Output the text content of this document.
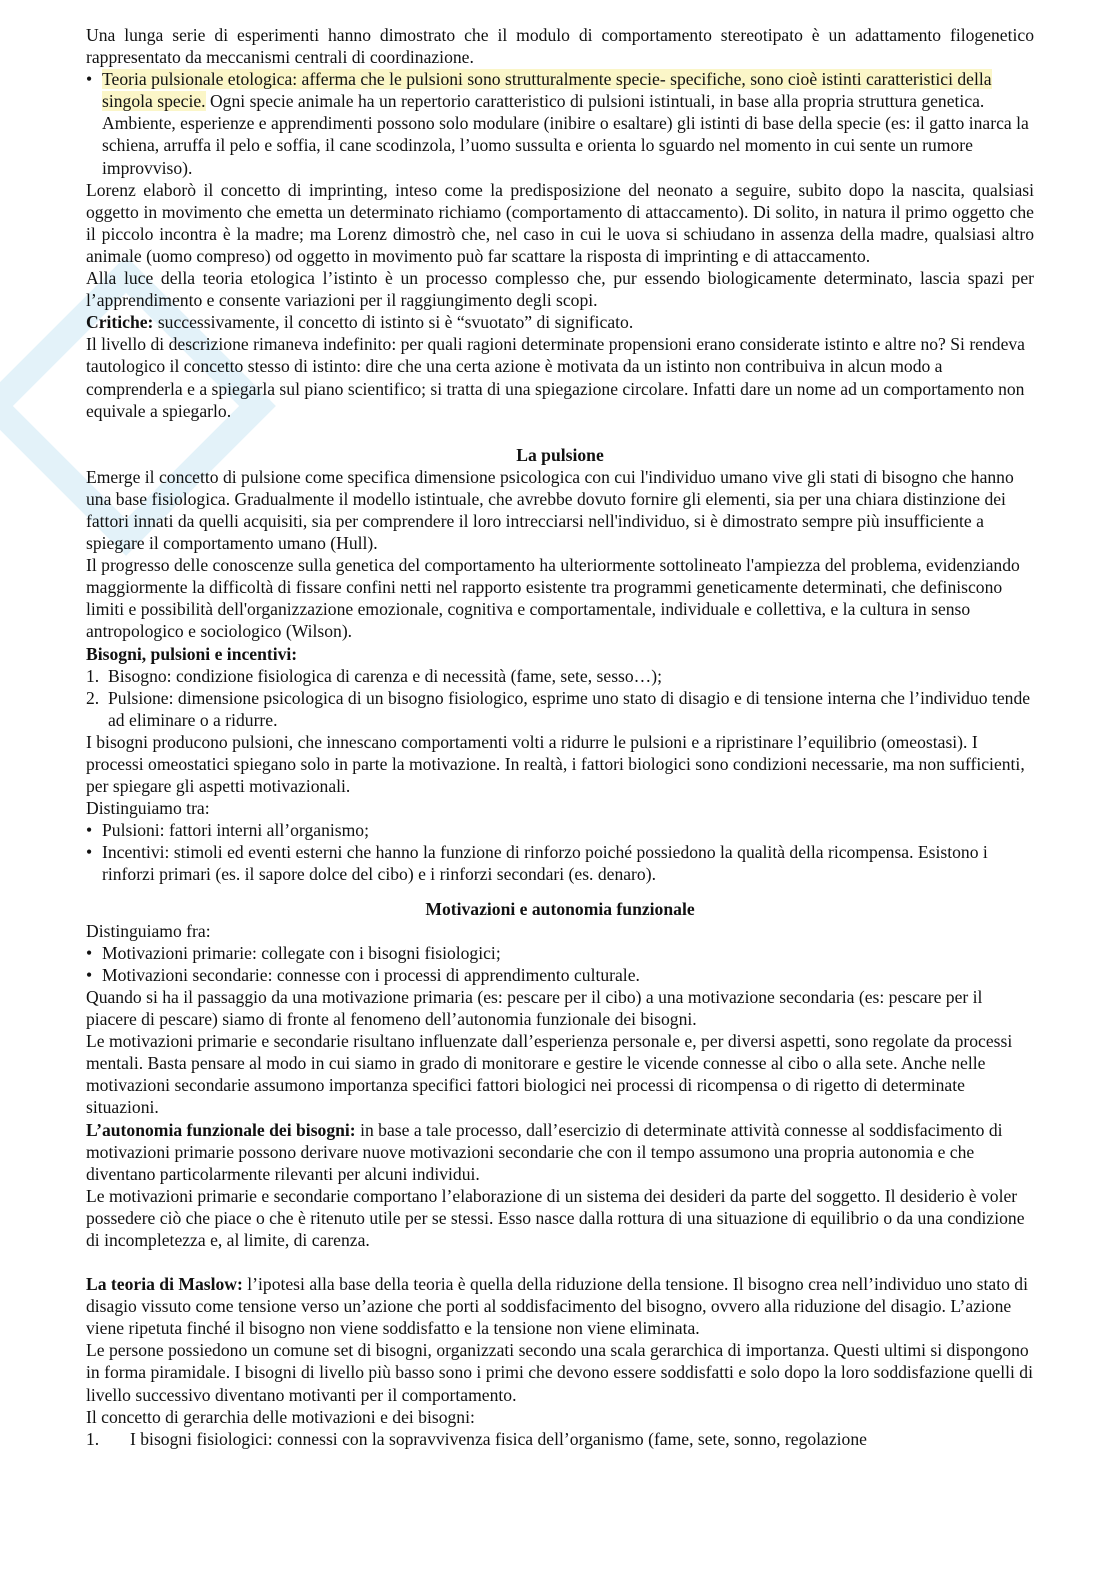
Una lunga serie di esperimenti hanno dimostrato che il modulo di comportamento stereotipato è un adattamento filogenetico rappresentato da meccanismi centrali di coordinazione.

• Teoria pulsionale etologica: afferma che le pulsioni sono strutturalmente specie- specifiche, sono cioè istinti caratteristici della singola specie. Ogni specie animale ha un repertorio caratteristico di pulsioni istintuali, in base alla propria struttura genetica. Ambiente, esperienze e apprendimenti possono solo modulare (inibire o esaltare) gli istinti di base della specie (es: il gatto inarca la schiena, arruffa il pelo e soffia, il cane scodinzola, l’uomo sussulta e orienta lo sguardo nel momento in cui sente un rumore improvviso).

Lorenz elaborò il concetto di imprinting, inteso come la predisposizione del neonato a seguire, subito dopo la nascita, qualsiasi oggetto in movimento che emetta un determinato richiamo (comportamento di attaccamento). Di solito, in natura il primo oggetto che il piccolo incontra è la madre; ma Lorenz dimostrò che, nel caso in cui le uova si schiudano in assenza della madre, qualsiasi altro animale (uomo compreso) od oggetto in movimento può far scattare la risposta di imprinting e di attaccamento.

Alla luce della teoria etologica l’istinto è un processo complesso che, pur essendo biologicamente determinato, lascia spazi per l’apprendimento e consente variazioni per il raggiungimento degli scopi.

Critiche: successivamente, il concetto di istinto si è “svuotato” di significato.

Il livello di descrizione rimaneva indefinito: per quali ragioni determinate propensioni erano considerate istinto e altre no? Si rendeva tautologico il concetto stesso di istinto: dire che una certa azione è motivata da un istinto non contribuiva in alcun modo a comprenderla e a spiegarla sul piano scientifico; si tratta di una spiegazione circolare. Infatti dare un nome ad un comportamento non equivale a spiegarlo.

La pulsione

Emerge il concetto di pulsione come specifica dimensione psicologica con cui l'individuo umano vive gli stati di bisogno che hanno una base fisiologica. Gradualmente il modello istintuale, che avrebbe dovuto fornire gli elementi, sia per una chiara distinzione dei fattori innati da quelli acquisiti, sia per comprendere il loro intrecciarsi nell'individuo, si è dimostrato sempre più insufficiente a spiegare il comportamento umano (Hull).

Il progresso delle conoscenze sulla genetica del comportamento ha ulteriormente sottolineato l'ampiezza del problema, evidenziando maggiormente la difficoltà di fissare confini netti nel rapporto esistente tra programmi geneticamente determinati, che definiscono limiti e possibilità dell'organizzazione emozionale, cognitiva e comportamentale, individuale e collettiva, e la cultura in senso antropologico e sociologico (Wilson).

Bisogni, pulsioni e incentivi:

1. Bisogno: condizione fisiologica di carenza e di necessità (fame, sete, sesso…);
2. Pulsione: dimensione psicologica di un bisogno fisiologico, esprime uno stato di disagio e di tensione interna che l’individuo tende ad eliminare o a ridurre.

I bisogni producono pulsioni, che innescano comportamenti volti a ridurre le pulsioni e a ripristinare l’equilibrio (omeostasi). I processi omeostatici spiegano solo in parte la motivazione. In realtà, i fattori biologici sono condizioni necessarie, ma non sufficienti, per spiegare gli aspetti motivazionali.

Distinguiamo tra:

• Pulsioni: fattori interni all’organismo;
• Incentivi: stimoli ed eventi esterni che hanno la funzione di rinforzo poiché possiedono la qualità della ricompensa. Esistono i rinforzi primari (es. il sapore dolce del cibo) e i rinforzi secondari (es. denaro).

Motivazioni e autonomia funzionale

Distinguiamo fra:

• Motivazioni primarie: collegate con i bisogni fisiologici;
• Motivazioni secondarie: connesse con i processi di apprendimento culturale.

Quando si ha il passaggio da una motivazione primaria (es: pescare per il cibo) a una motivazione secondaria (es: pescare per il piacere di pescare) siamo di fronte al fenomeno dell’autonomia funzionale dei bisogni.

Le motivazioni primarie e secondarie risultano influenzate dall’esperienza personale e, per diversi aspetti, sono regolate da processi mentali. Basta pensare al modo in cui siamo in grado di monitorare e gestire le vicende connesse al cibo o alla sete. Anche nelle motivazioni secondarie assumono importanza specifici fattori biologici nei processi di ricompensa o di rigetto di determinate situazioni.

L’autonomia funzionale dei bisogni: in base a tale processo, dall’esercizio di determinate attività connesse al soddisfacimento di motivazioni primarie possono derivare nuove motivazioni secondarie che con il tempo assumono una propria autonomia e che diventano particolarmente rilevanti per alcuni individui.

Le motivazioni primarie e secondarie comportano l’elaborazione di un sistema dei desideri da parte del soggetto. Il desiderio è voler possedere ciò che piace o che è ritenuto utile per se stessi. Esso nasce dalla rottura di una situazione di equilibrio o da una condizione di incompletezza e, al limite, di carenza.

La teoria di Maslow: l’ipotesi alla base della teoria è quella della riduzione della tensione. Il bisogno crea nell’individuo uno stato di disagio vissuto come tensione verso un’azione che porti al soddisfacimento del bisogno, ovvero alla riduzione del disagio. L’azione viene ripetuta finché il bisogno non viene soddisfatto e la tensione non viene eliminata.

Le persone possiedono un comune set di bisogni, organizzati secondo una scala gerarchica di importanza. Questi ultimi si dispongono in forma piramidale. I bisogni di livello più basso sono i primi che devono essere soddisfatti e solo dopo la loro soddisfazione quelli di livello successivo diventano motivanti per il comportamento.

Il concetto di gerarchia delle motivazioni e dei bisogni:

1.	I bisogni fisiologici: connessi con la sopravvivenza fisica dell’organismo (fame, sete, sonno, regolazione
